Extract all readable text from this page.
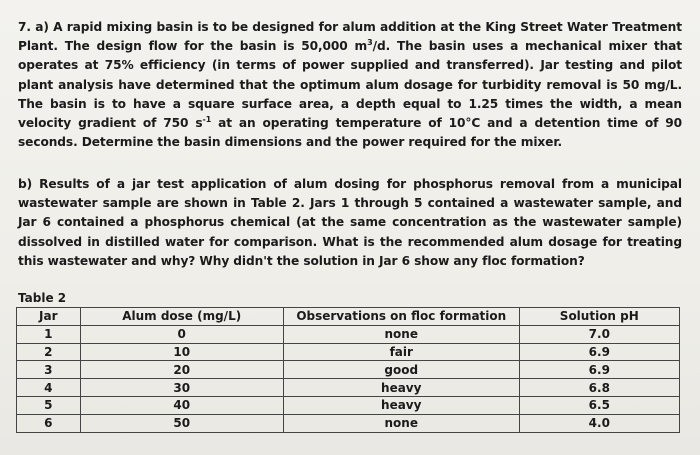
7. a) A rapid mixing basin is to be designed for alum addition at the King Street Water Treatment Plant. The design flow for the basin is 50,000 $m^3/d$. The basin uses a mechanical mixer that operates at 75% efficiency (in terms of power supplied and transferred). Jar testing and pilot plant analysis have determined that the optimum alum dosage for turbidity removal is 50 mg/L. The basin is to have a square surface area, a depth equal to 1.25 times the width, a mean velocity gradient of 750 $s^{-1}$ at an operating temperature of 10°C and a detention time of 90 seconds. Determine the basin dimensions and the power required for the mixer.
b) Results of a jar test application of alum dosing for phosphorus removal from a municipal wastewater sample are shown in Table 2. Jars 1 through 5 contained a wastewater sample, and Jar 6 contained a phosphorus chemical (at the same concentration as the wastewater sample) dissolved in distilled water for comparison. What is the recommended alum dosage for treating this wastewater and why? Why didn't the solution in Jar 6 show any floc formation?
Table 2
Jar	Alum dose (mg/L)	Observations on floc formation	Solution pH
1	0	none	7.0
2	10	fair	6.9
3	20	good	6.9
4	30	heavy	6.8
5	40	heavy	6.5
6	50	none	4.0
